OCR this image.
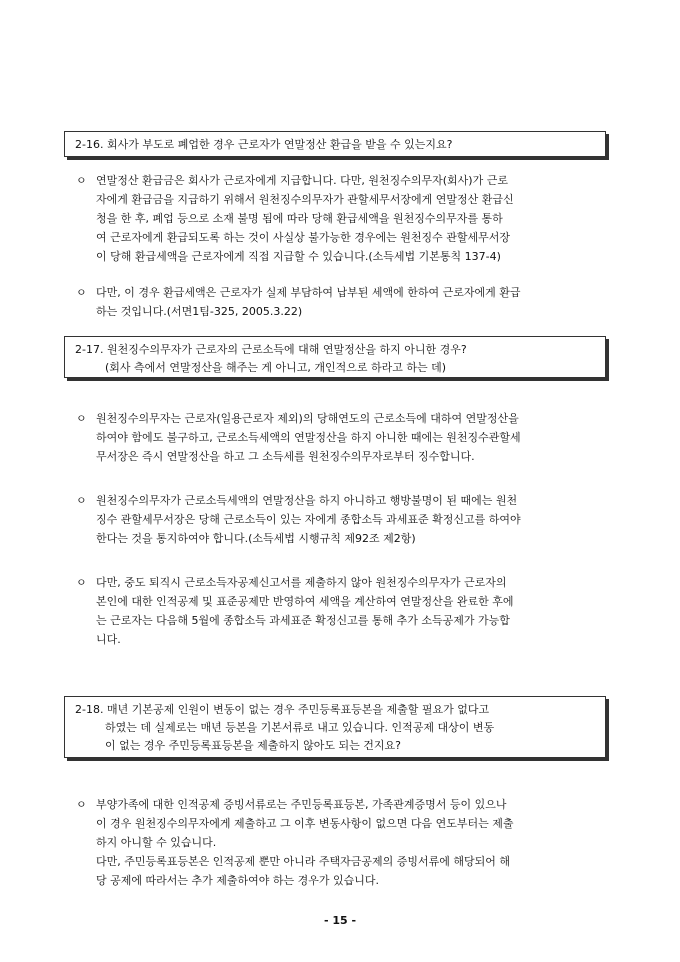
2-16. 회사가 부도로 폐업한 경우 근로자가 연말정산 환급을 받을 수 있는지요?
ㅇ 연말정산 환급금은 회사가 근로자에게 지급합니다. 다만, 원천징수의무자(회사)가 근로
자에게 환급금을 지급하기 위해서 원천징수의무자가 관할세무서장에게 연말정산 환급신
청을 한 후, 폐업 등으로 소재 불명 됨에 따라 당해 환급세액을 원천징수의무자를 통하
여 근로자에게 환급되도록 하는 것이 사실상 불가능한 경우에는 원천징수 관할세무서장
이 당해 환급세액을 근로자에게 직접 지급할 수 있습니다.(소득세법 기본통칙 137-4)
ㅇ 다만, 이 경우 환급세액은 근로자가 실제 부담하여 납부된 세액에 한하여 근로자에게 환급
하는 것입니다.(서면1팀-325, 2005.3.22)
2-17. 원천징수의무자가 근로자의 근로소득에 대해 연말정산을 하지 아니한 경우?
(회사 측에서 연말정산을 해주는 게 아니고, 개인적으로 하라고 하는 데)
ㅇ 원천징수의무자는 근로자(일용근로자 제외)의 당해연도의 근로소득에 대하여 연말정산을
하여야 함에도 불구하고, 근로소득세액의 연말정산을 하지 아니한 때에는 원천징수관할세
무서장은 즉시 연말정산을 하고 그 소득세를 원천징수의무자로부터 징수합니다.
ㅇ 원천징수의무자가 근로소득세액의 연말정산을 하지 아니하고 행방불명이 된 때에는 원천
징수 관할세무서장은 당해 근로소득이 있는 자에게 종합소득 과세표준 확정신고를 하여야
한다는 것을 통지하여야 합니다.(소득세법 시행규칙 제92조 제2항)
ㅇ 다만, 중도 퇴직시 근로소득자공제신고서를 제출하지 않아 원천징수의무자가 근로자의
본인에 대한 인적공제 및 표준공제만 반영하여 세액을 계산하여 연말정산을 완료한 후에
는 근로자는 다음해 5월에 종합소득 과세표준 확정신고를 통해 추가 소득공제가 가능합
니다.
2-18. 매년 기본공제 인원이 변동이 없는 경우 주민등록표등본을 제출할 필요가 없다고
하였는 데 실제로는 매년 등본을 기본서류로 내고 있습니다. 인적공제 대상이 변동
이 없는 경우 주민등록표등본을 제출하지 않아도 되는 건지요?
ㅇ 부양가족에 대한 인적공제 증빙서류로는 주민등록표등본, 가족관계증명서 등이 있으나
이 경우 원천징수의무자에게 제출하고 그 이후 변동사항이 없으면 다음 연도부터는 제출
하지 아니할 수 있습니다.
다만, 주민등록표등본은 인적공제 뿐만 아니라 주택자금공제의 증빙서류에 해당되어 해
당 공제에 따라서는 추가 제출하여야 하는 경우가 있습니다.
- 15 -
